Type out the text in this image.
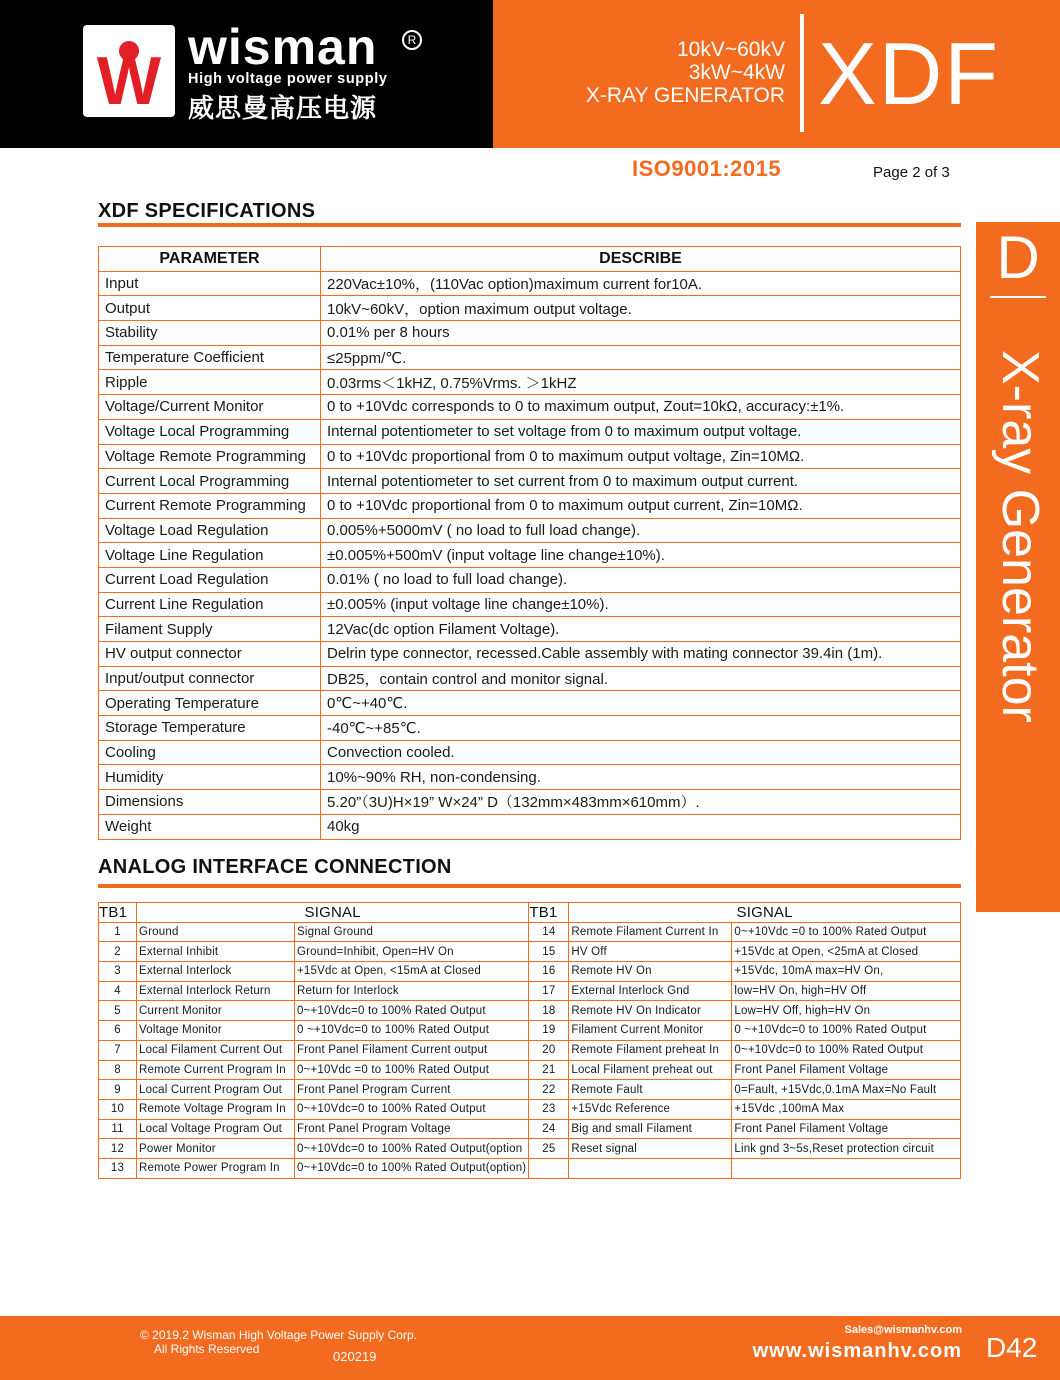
W wisman	R
High voltage power supply
威思曼高压电源
10kV~60kV
3kW~4kW
X-RAY GENERATOR XDF
ISO9001:2015	Page 2 of 3
D
X-ray Generator
XDF SPECIFICATIONS
PARAMETER	DESCRIBE
Input	220Vac±10%，(110Vac option)maximum current for10A.
Output	10kV~60kV，option maximum output voltage.
Stability	0.01% per 8 hours
Temperature Coefficient	≤25ppm/℃.
Ripple	0.03rms＜1kHZ, 0.75%Vrms. ＞1kHZ
Voltage/Current Monitor	0 to +10Vdc corresponds to 0 to maximum output, Zout=10kΩ, accuracy:±1%.
Voltage Local Programming	Internal potentiometer to set voltage from 0 to maximum output voltage.
Voltage Remote Programming	0 to +10Vdc proportional from 0 to maximum output voltage, Zin=10MΩ.
Current Local Programming	Internal potentiometer to set current from 0 to maximum output current.
Current Remote Programming	0 to +10Vdc proportional from 0 to maximum output current, Zin=10MΩ.
Voltage Load Regulation	0.005%+5000mV ( no load to full load change).
Voltage Line Regulation	±0.005%+500mV (input voltage line change±10%).
Current Load Regulation	0.01% ( no load to full load change).
Current Line Regulation	±0.005% (input voltage line change±10%).
Filament Supply	12Vac(dc option Filament Voltage).
HV output connector	Delrin type connector, recessed.Cable assembly with mating connector 39.4in (1m).
Input/output connector	DB25，contain control and monitor signal.
Operating Temperature	0℃~+40℃.
Storage Temperature	-40℃~+85℃.
Cooling	Convection cooled.
Humidity	10%~90% RH, non-condensing.
Dimensions	5.20”（3U)H×19” W×24” D（132mm×483mm×610mm）.
Weight	40kg
ANALOG INTERFACE CONNECTION
TB1	SIGNAL		TB1	SIGNAL	
1	Ground	Signal Ground	14	Remote Filament Current In	0~+10Vdc =0 to 100% Rated Output
2	External Inhibit	Ground=Inhibit, Open=HV On	15	HV Off	+15Vdc at Open, <25mA at Closed
3	External Interlock	+15Vdc at Open, <15mA at Closed	16	Remote HV On	+15Vdc, 10mA max=HV On,
4	External Interlock Return	Return for Interlock	17	External Interlock Gnd	low=HV On, high=HV Off
5	Current Monitor	0~+10Vdc=0 to 100% Rated Output	18	Remote HV On Indicator	Low=HV Off, high=HV On
6	Voltage Monitor	0 ~+10Vdc=0 to 100% Rated Output	19	Filament Current Monitor	0 ~+10Vdc=0 to 100% Rated Output
7	Local Filament Current Out	Front Panel Filament Current output	20	Remote Filament preheat In	0~+10Vdc=0 to 100% Rated Output
8	Remote Current Program In	0~+10Vdc =0 to 100% Rated Output	21	Local Filament preheat out	Front Panel Filament Voltage
9	Local Current Program Out	Front Panel Program Current	22	Remote Fault	0=Fault, +15Vdc,0.1mA Max=No Fault
10	Remote Voltage Program In	0~+10Vdc=0 to 100% Rated Output	23	+15Vdc Reference	+15Vdc ,100mA Max
11	Local Voltage Program Out	Front Panel Program Voltage	24	Big and small Filament	Front Panel Filament Voltage
12	Power Monitor	0~+10Vdc=0 to 100% Rated Output(option	25	Reset signal	Link gnd 3~5s,Reset protection circuit
13	Remote Power Program In	0~+10Vdc=0 to 100% Rated Output(option)			
© 2019.2 Wisman High Voltage Power Supply Corp.
All Rights Reserved	020219
Sales@wismanhv.com
www.wismanhv.com D42
